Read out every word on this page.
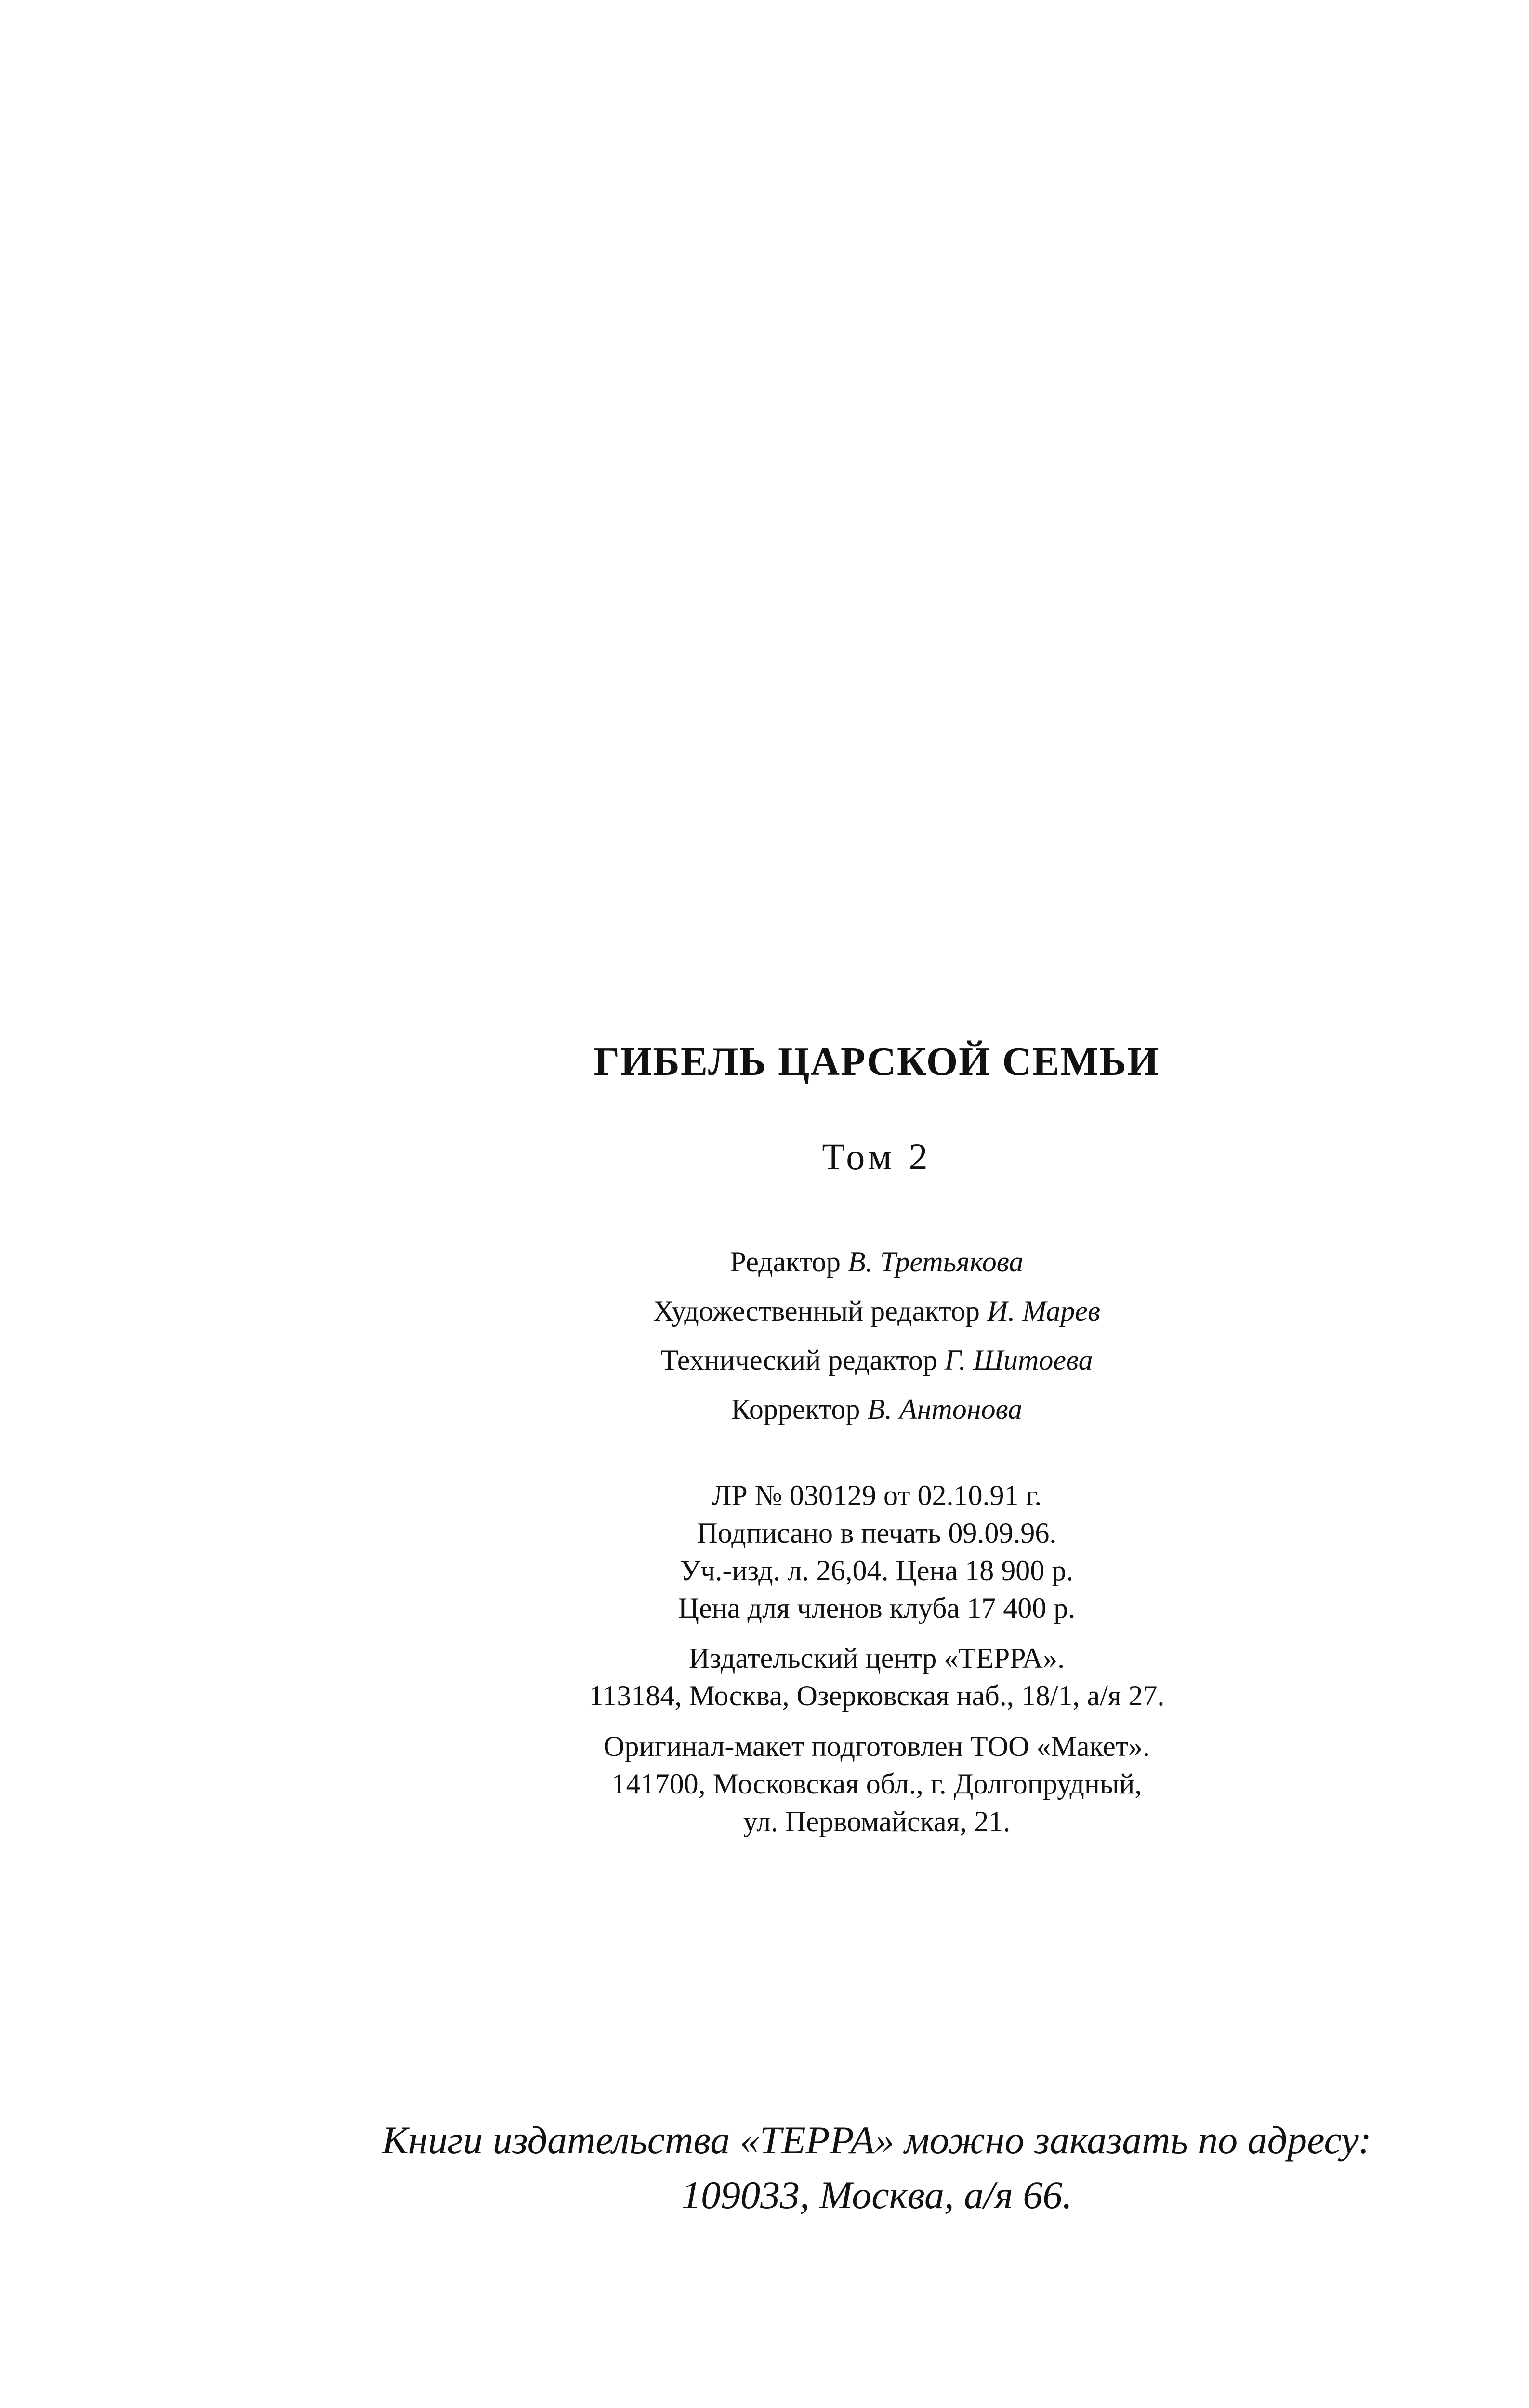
ГИБЕЛЬ ЦАРСКОЙ СЕМЬИ
Том 2
Редактор В. Третьякова
Художественный редактор И. Марев
Технический редактор Г. Шитоева
Корректор В. Антонова
ЛР № 030129 от 02.10.91 г.
Подписано в печать 09.09.96.
Уч.-изд. л. 26,04. Цена 18 900 р.
Цена для членов клуба 17 400 р.
Издательский центр «ТЕРРА».
113184, Москва, Озерковская наб., 18/1, а/я 27.
Оригинал-макет подготовлен ТОО «Макет».
141700, Московская обл., г. Долгопрудный,
ул. Первомайская, 21.
Книги издательства «ТЕРРА» можно заказать по адресу:
109033, Москва, а/я 66.
